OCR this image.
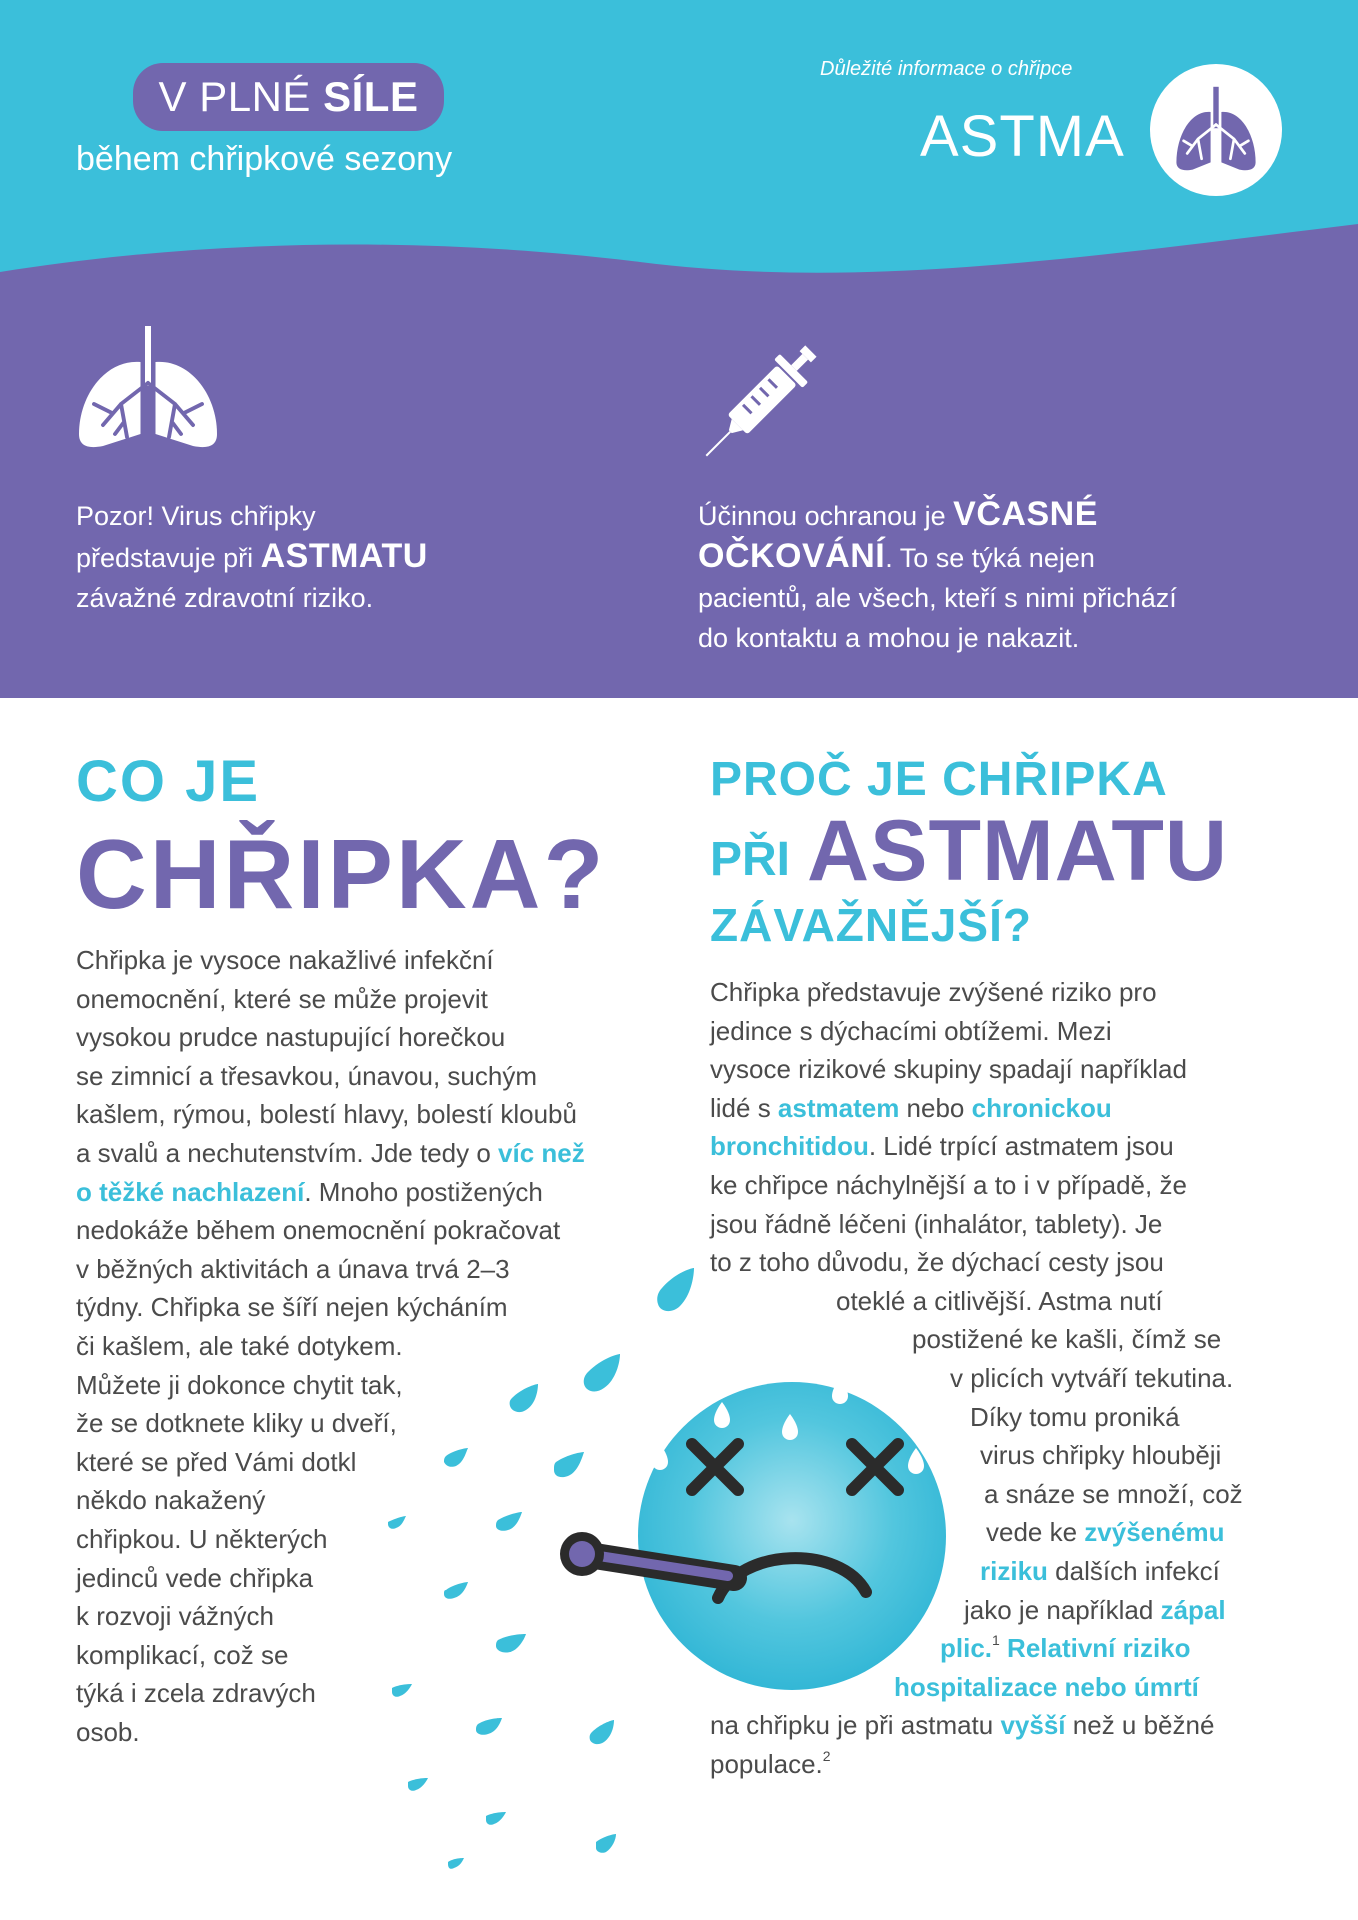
V PLNÉ SÍLE
během chřipkové sezony
Důležité informace o chřipce
ASTMA
Pozor! Virus chřipky
představuje při ASTMATU
závažné zdravotní riziko.
Účinnou ochranou je VČASNÉ
OČKOVÁNÍ. To se týká nejen
pacientů, ale všech, kteří s nimi přichází
do kontaktu a mohou je nakazit.
CO JE
CHŘIPKA?
Chřipka je vysoce nakažlivé infekční
onemocnění, které se může projevit
vysokou prudce nastupující horečkou
se zimnicí a třesavkou, únavou, suchým
kašlem, rýmou, bolestí hlavy, bolestí kloubů
a svalů a nechutenstvím. Jde tedy o víc než
o těžké nachlazení. Mnoho postižených
nedokáže během onemocnění pokračovat
v běžných aktivitách a únava trvá 2–3
týdny. Chřipka se šíří nejen kýcháním
či kašlem, ale také dotykem.
Můžete ji dokonce chytit tak,
že se dotknete kliky u dveří,
které se před Vámi dotkl
někdo nakažený
chřipkou. U některých
jedinců vede chřipka
k rozvoji vážných
komplikací, což se
týká i zcela zdravých
osob.
PROČ JE CHŘIPKA
PŘI ASTMATU
ZÁVAŽNĚJŠÍ?
Chřipka představuje zvýšené riziko pro
jedince s dýchacími obtížemi. Mezi
vysoce rizikové skupiny spadají například
lidé s astmatem nebo chronickou
bronchitidou. Lidé trpící astmatem jsou
ke chřipce náchylnější a to i v případě, že
jsou řádně léčeni (inhalátor, tablety). Je
to z toho důvodu, že dýchací cesty jsou
oteklé a citlivější. Astma nutí
postižené ke kašli, čímž se
v plicích vytváří tekutina.
Díky tomu proniká
virus chřipky hlouběji
a snáze se množí, což
vede ke zvýšenému
riziku dalších infekcí
jako je například zápal
plic.$^1$ Relativní riziko
hospitalizace nebo úmrtí
na chřipku je při astmatu vyšší než u běžné
populace.$^2$
